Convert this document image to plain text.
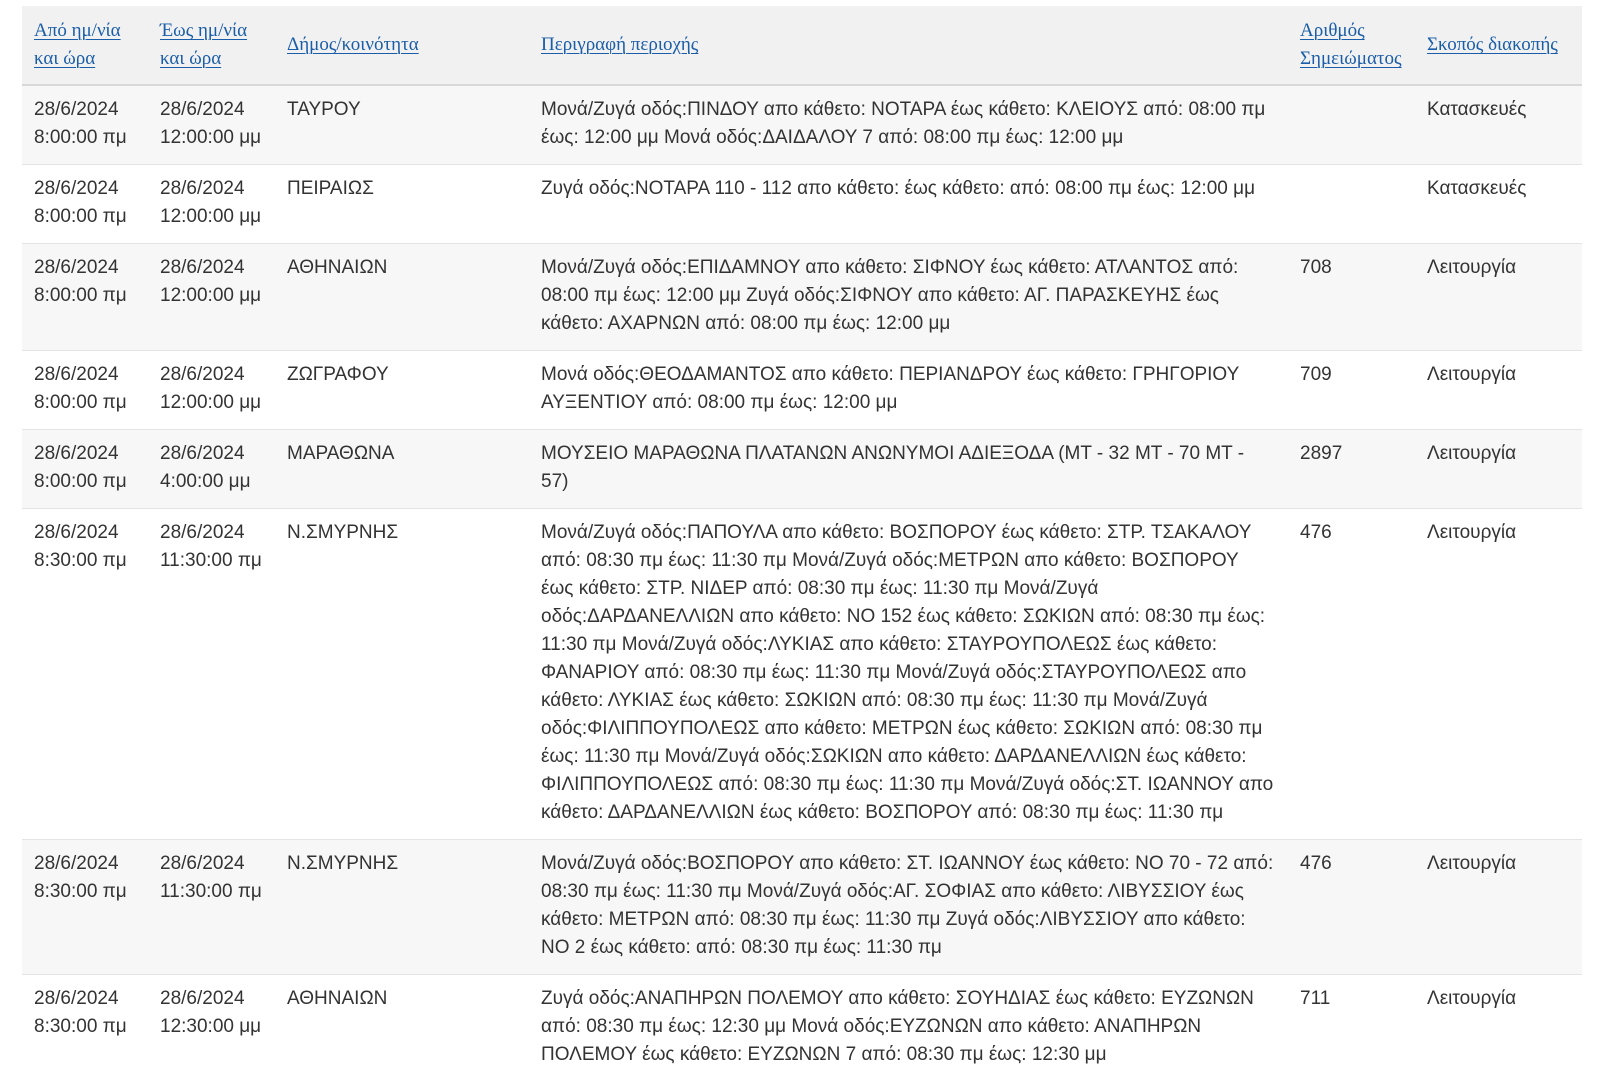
Από ημ/νία και ώρα	Έως ημ/νία και ώρα	Δήμος/κοινότητα	Περιγραφή περιοχής	Αριθμός Σημειώματος	Σκοπός διακοπής
28/6/2024 8:00:00 πμ	28/6/2024 12:00:00 μμ	ΤΑΥΡΟΥ	Μονά/Ζυγά οδός:ΠΙΝΔΟΥ απο κάθετο: ΝΟΤΑΡΑ έως κάθετο: ΚΛΕΙΟΥΣ από: 08:00 πμ έως: 12:00 μμ Μονά οδός:ΔΑΙΔΑΛΟΥ 7 από: 08:00 πμ έως: 12:00 μμ		Κατασκευές
28/6/2024 8:00:00 πμ	28/6/2024 12:00:00 μμ	ΠΕΙΡΑΙΩΣ	Ζυγά οδός:ΝΟΤΑΡΑ 110 - 112 απο κάθετο: έως κάθετο: από: 08:00 πμ έως: 12:00 μμ		Κατασκευές
28/6/2024 8:00:00 πμ	28/6/2024 12:00:00 μμ	ΑΘΗΝΑΙΩΝ	Μονά/Ζυγά οδός:ΕΠΙΔΑΜΝΟΥ απο κάθετο: ΣΙΦΝΟΥ έως κάθετο: ΑΤΛΑΝΤΟΣ από: 08:00 πμ έως: 12:00 μμ Ζυγά οδός:ΣΙΦΝΟΥ απο κάθετο: ΑΓ. ΠΑΡΑΣΚΕΥΗΣ έως κάθετο: ΑΧΑΡΝΩΝ από: 08:00 πμ έως: 12:00 μμ	708	Λειτουργία
28/6/2024 8:00:00 πμ	28/6/2024 12:00:00 μμ	ΖΩΓΡΑΦΟΥ	Μονά οδός:ΘΕΟΔΑΜΑΝΤΟΣ απο κάθετο: ΠΕΡΙΑΝΔΡΟΥ έως κάθετο: ΓΡΗΓΟΡΙΟΥ ΑΥΞΕΝΤΙΟΥ από: 08:00 πμ έως: 12:00 μμ	709	Λειτουργία
28/6/2024 8:00:00 πμ	28/6/2024 4:00:00 μμ	ΜΑΡΑΘΩΝΑ	ΜΟΥΣΕΙΟ ΜΑΡΑΘΩΝΑ ΠΛΑΤΑΝΩΝ ΑΝΩΝΥΜΟΙ ΑΔΙΕΞΟΔΑ (ΜΤ - 32 ΜΤ - 70 ΜΤ - 57)	2897	Λειτουργία
28/6/2024 8:30:00 πμ	28/6/2024 11:30:00 πμ	Ν.ΣΜΥΡΝΗΣ	Μονά/Ζυγά οδός:ΠΑΠΟΥΛΑ απο κάθετο: ΒΟΣΠΟΡΟΥ έως κάθετο: ΣΤΡ. ΤΣΑΚΑΛΟΥ από: 08:30 πμ έως: 11:30 πμ Μονά/Ζυγά οδός:ΜΕΤΡΩΝ απο κάθετο: ΒΟΣΠΟΡΟΥ έως κάθετο: ΣΤΡ. ΝΙΔΕΡ από: 08:30 πμ έως: 11:30 πμ Μονά/Ζυγά οδός:ΔΑΡΔΑΝΕΛΛΙΩΝ απο κάθετο: ΝΟ 152 έως κάθετο: ΣΩΚΙΩΝ από: 08:30 πμ έως: 11:30 πμ Μονά/Ζυγά οδός:ΛΥΚΙΑΣ απο κάθετο: ΣΤΑΥΡΟΥΠΟΛΕΩΣ έως κάθετο: ΦΑΝΑΡΙΟΥ από: 08:30 πμ έως: 11:30 πμ Μονά/Ζυγά οδός:ΣΤΑΥΡΟΥΠΟΛΕΩΣ απο κάθετο: ΛΥΚΙΑΣ έως κάθετο: ΣΩΚΙΩΝ από: 08:30 πμ έως: 11:30 πμ Μονά/Ζυγά οδός:ΦΙΛΙΠΠΟΥΠΟΛΕΩΣ απο κάθετο: ΜΕΤΡΩΝ έως κάθετο: ΣΩΚΙΩΝ από: 08:30 πμ έως: 11:30 πμ Μονά/Ζυγά οδός:ΣΩΚΙΩΝ απο κάθετο: ΔΑΡΔΑΝΕΛΛΙΩΝ έως κάθετο: ΦΙΛΙΠΠΟΥΠΟΛΕΩΣ από: 08:30 πμ έως: 11:30 πμ Μονά/Ζυγά οδός:ΣΤ. ΙΩΑΝΝΟΥ απο κάθετο: ΔΑΡΔΑΝΕΛΛΙΩΝ έως κάθετο: ΒΟΣΠΟΡΟΥ από: 08:30 πμ έως: 11:30 πμ	476	Λειτουργία
28/6/2024 8:30:00 πμ	28/6/2024 11:30:00 πμ	Ν.ΣΜΥΡΝΗΣ	Μονά/Ζυγά οδός:ΒΟΣΠΟΡΟΥ απο κάθετο: ΣΤ. ΙΩΑΝΝΟΥ έως κάθετο: ΝΟ 70 - 72 από: 08:30 πμ έως: 11:30 πμ Μονά/Ζυγά οδός:ΑΓ. ΣΟΦΙΑΣ απο κάθετο: ΛΙΒΥΣΣΙΟΥ έως κάθετο: ΜΕΤΡΩΝ από: 08:30 πμ έως: 11:30 πμ Ζυγά οδός:ΛΙΒΥΣΣΙΟΥ απο κάθετο: ΝΟ 2 έως κάθετο: από: 08:30 πμ έως: 11:30 πμ	476	Λειτουργία
28/6/2024 8:30:00 πμ	28/6/2024 12:30:00 μμ	ΑΘΗΝΑΙΩΝ	Ζυγά οδός:ΑΝΑΠΗΡΩΝ ΠΟΛΕΜΟΥ απο κάθετο: ΣΟΥΗΔΙΑΣ έως κάθετο: ΕΥΖΩΝΩΝ από: 08:30 πμ έως: 12:30 μμ Μονά οδός:ΕΥΖΩΝΩΝ απο κάθετο: ΑΝΑΠΗΡΩΝ ΠΟΛΕΜΟΥ έως κάθετο: ΕΥΖΩΝΩΝ 7 από: 08:30 πμ έως: 12:30 μμ	711	Λειτουργία
